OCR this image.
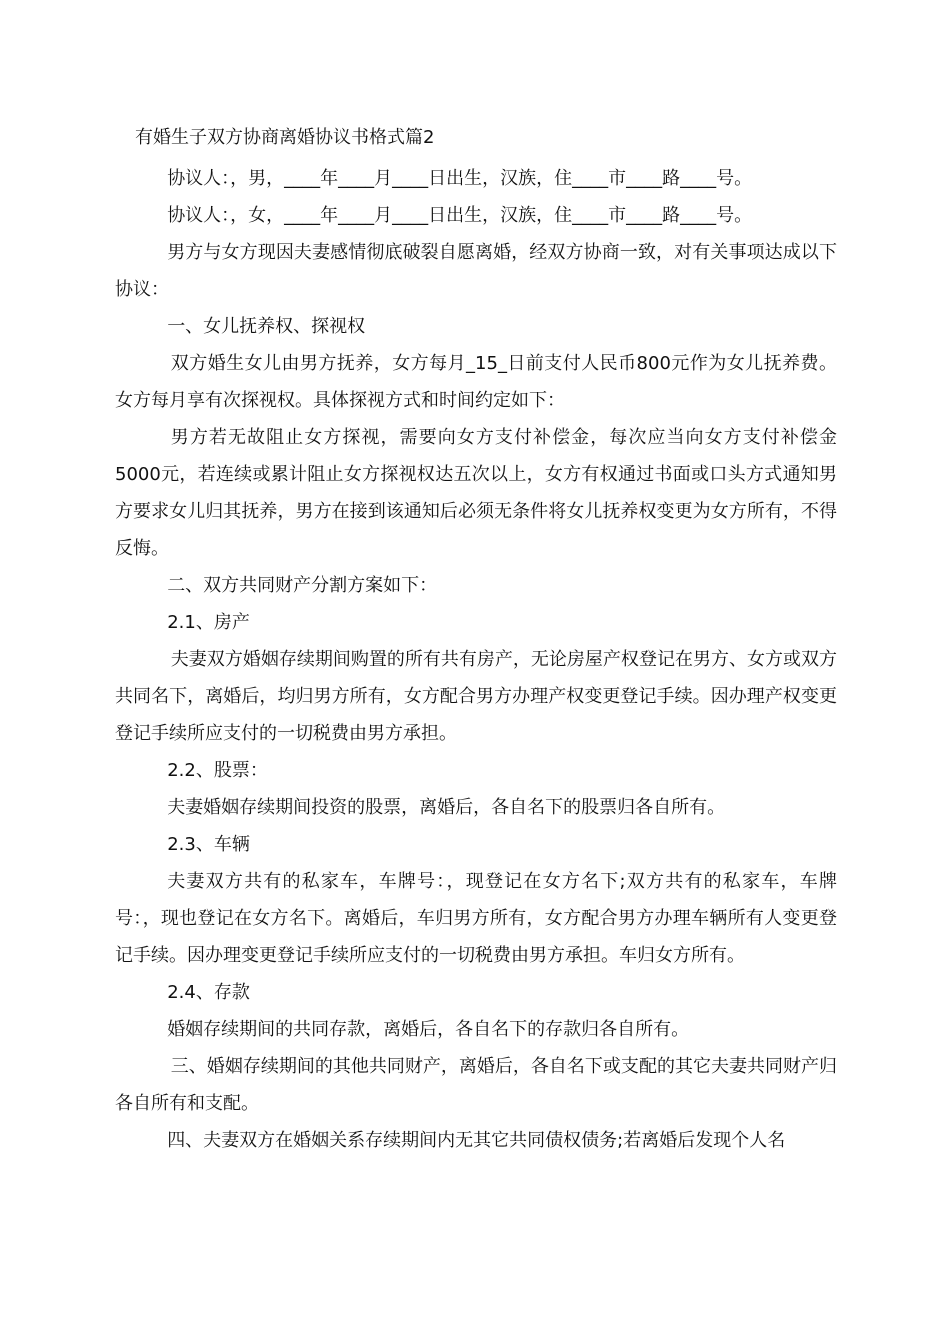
有婚生子双方协商离婚协议书格式篇2

协议人：，男，____年____月____日出生，汉族，住____市____路____号。

协议人：，女，____年____月____日出生，汉族，住____市____路____号。

男方与女方现因夫妻感情彻底破裂自愿离婚，经双方协商一致，对有关事项达成以下协议：

一、女儿抚养权、探视权

双方婚生女儿由男方抚养，女方每月_15_日前支付人民币800元作为女儿抚养费。女方每月享有次探视权。具体探视方式和时间约定如下：

男方若无故阻止女方探视，需要向女方支付补偿金，每次应当向女方支付补偿金5000元，若连续或累计阻止女方探视权达五次以上，女方有权通过书面或口头方式通知男方要求女儿归其抚养，男方在接到该通知后必须无条件将女儿抚养权变更为女方所有，不得反悔。

二、双方共同财产分割方案如下：

2.1、房产

夫妻双方婚姻存续期间购置的所有共有房产，无论房屋产权登记在男方、女方或双方共同名下，离婚后，均归男方所有，女方配合男方办理产权变更登记手续。因办理产权变更登记手续所应支付的一切税费由男方承担。

2.2、股票：

夫妻婚姻存续期间投资的股票，离婚后，各自名下的股票归各自所有。

2.3、车辆

夫妻双方共有的私家车，车牌号：，现登记在女方名下;双方共有的私家车，车牌号：，现也登记在女方名下。离婚后，车归男方所有，女方配合男方办理车辆所有人变更登记手续。因办理变更登记手续所应支付的一切税费由男方承担。车归女方所有。

2.4、存款

婚姻存续期间的共同存款，离婚后，各自名下的存款归各自所有。

三、婚姻存续期间的其他共同财产，离婚后，各自名下或支配的其它夫妻共同财产归各自所有和支配。

四、夫妻双方在婚姻关系存续期间内无其它共同债权债务;若离婚后发现个人名
